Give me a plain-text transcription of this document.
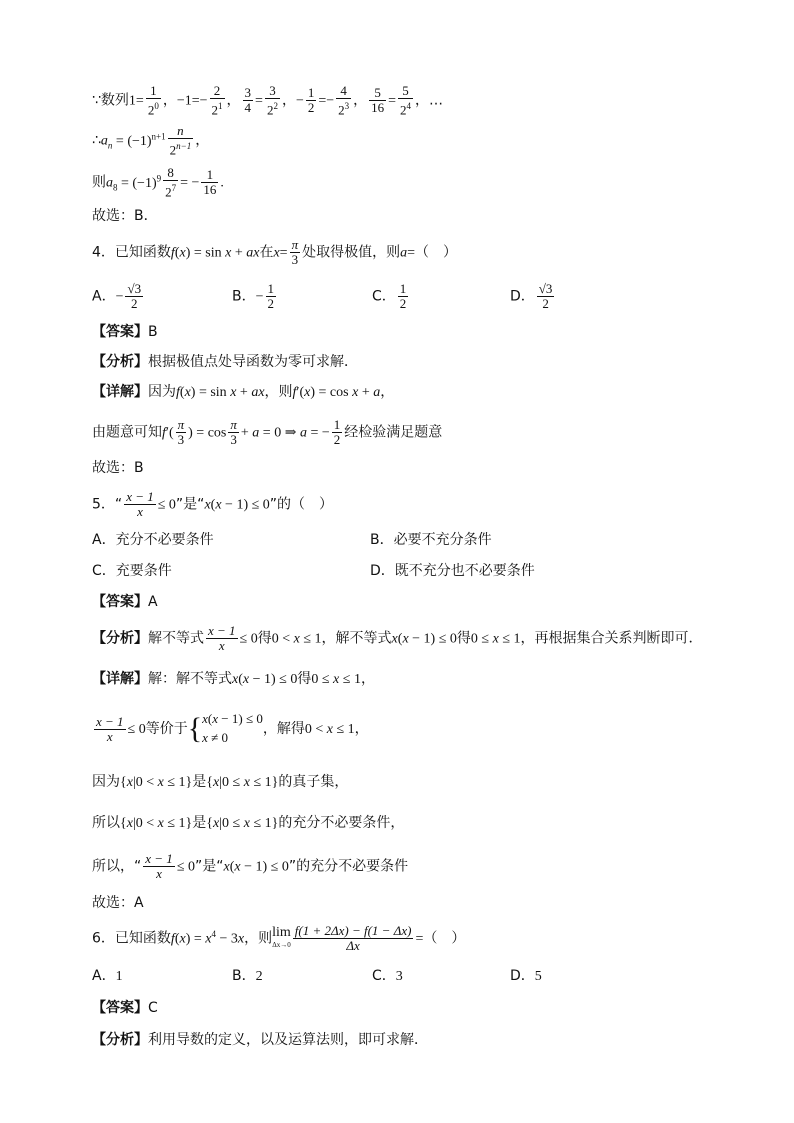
∵数列$1= \frac{1}{2^0}$ ，$-1=- \frac{2}{2^1}$ ， $\frac{3}{4} = \frac{3}{2^2}$ ，− $\frac{1}{2} =- \frac{4}{2^3}$ ， $\frac{5}{16} = \frac{5}{2^4}$ ，…
$\therefore a_n = (-1)^{n+1} \frac{n}{2^{n-1}}$ ，
则$a_8 = (-1)^9 \frac{8}{2^7}$ = − $\frac{1}{16}$ .
故选：B．
4．已知函数f(x) = sin x + ax在$x= \frac{\pi}{3}$ 处取得极值，则a=（　）
A．− $\frac{√3}{2}$	B．− $\frac{1}{2}$	C． $\frac{1}{2}$	D． $\frac{√3}{2}$
【答案】B
【分析】根据极值点处导函数为零可求解．
【详解】因为f(x) = sin x + ax，则f′(x) = cos x + a，
由题意可知$f'( \frac{\pi}{3}$ ) = $\cos \frac{\pi}{3} + a = 0$ ⇒ a = − $\frac{1}{2}$ 经检验满足题意
故选：B
5．“ $\frac{x - 1}{x} \le 0$”是“x(x − 1) ≤ 0”的（　）
A．充分不必要条件	B．必要不充分条件
C．充要条件	D．既不充分也不必要条件
【答案】A
【分析】解不等式 $\frac{x - 1}{x} \le 0$得0 < x ≤ 1，解不等式x(x − 1) ≤ 0得0 ≤ x ≤ 1，再根据集合关系判断即可．
【详解】解：解不等式x(x − 1) ≤ 0得0 ≤ x ≤ 1，
$\frac{x - 1}{x} \le 0$等价于{ x(x − 1) ≤ 0
x ≠ 0
，解得0 < x ≤ 1，
因为{x|0 < x ≤ 1}是{x|0 ≤ x ≤ 1}的真子集，
所以{x|0 < x ≤ 1}是{x|0 ≤ x ≤ 1}的充分不必要条件，
所以，“ $\frac{x - 1}{x} \le 0$”是“x(x − 1) ≤ 0”的充分不必要条件
故选：A
6．已知函数$f(x) = x^4 - 3x$，则lim
$\Delta x\to 0 \frac{f(1 + 2\Delta x) - f(1 - \Delta x)}{\Delta x}$ =（　）
A．1	B．2	C．3	D．5
【答案】C
【分析】利用导数的定义，以及运算法则，即可求解．
